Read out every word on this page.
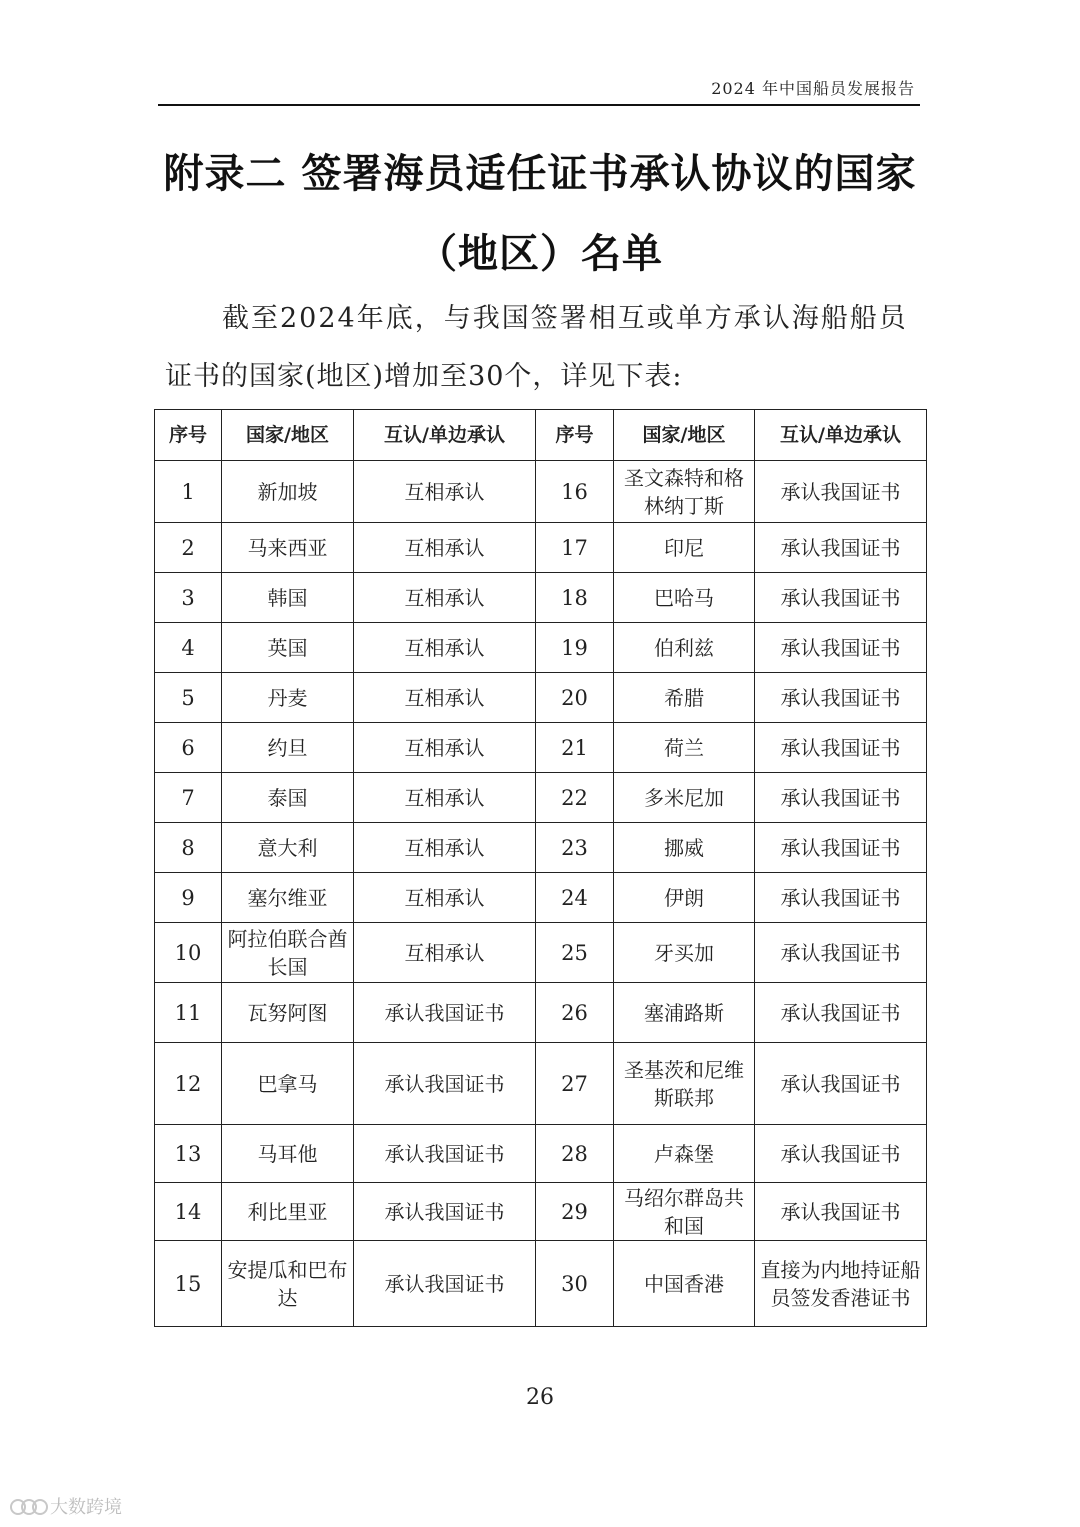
2024 年中国船员发展报告
附录二 签署海员适任证书承认协议的国家
（地区）名单
截至2024年底，与我国签署相互或单方承认海船船员
证书的国家(地区)增加至30个，详见下表:
序号	国家/地区	互认/单边承认	序号	国家/地区	互认/单边承认
1	新加坡	互相承认	16	圣文森特和格林纳丁斯	承认我国证书
2	马来西亚	互相承认	17	印尼	承认我国证书
3	韩国	互相承认	18	巴哈马	承认我国证书
4	英国	互相承认	19	伯利兹	承认我国证书
5	丹麦	互相承认	20	希腊	承认我国证书
6	约旦	互相承认	21	荷兰	承认我国证书
7	泰国	互相承认	22	多米尼加	承认我国证书
8	意大利	互相承认	23	挪威	承认我国证书
9	塞尔维亚	互相承认	24	伊朗	承认我国证书
10	阿拉伯联合酋长国	互相承认	25	牙买加	承认我国证书
11	瓦努阿图	承认我国证书	26	塞浦路斯	承认我国证书
12	巴拿马	承认我国证书	27	圣基茨和尼维斯联邦	承认我国证书
13	马耳他	承认我国证书	28	卢森堡	承认我国证书
14	利比里亚	承认我国证书	29	马绍尔群岛共和国	承认我国证书
15	安提瓜和巴布达	承认我国证书	30	中国香港	直接为内地持证船员签发香港证书
26
大数跨境
